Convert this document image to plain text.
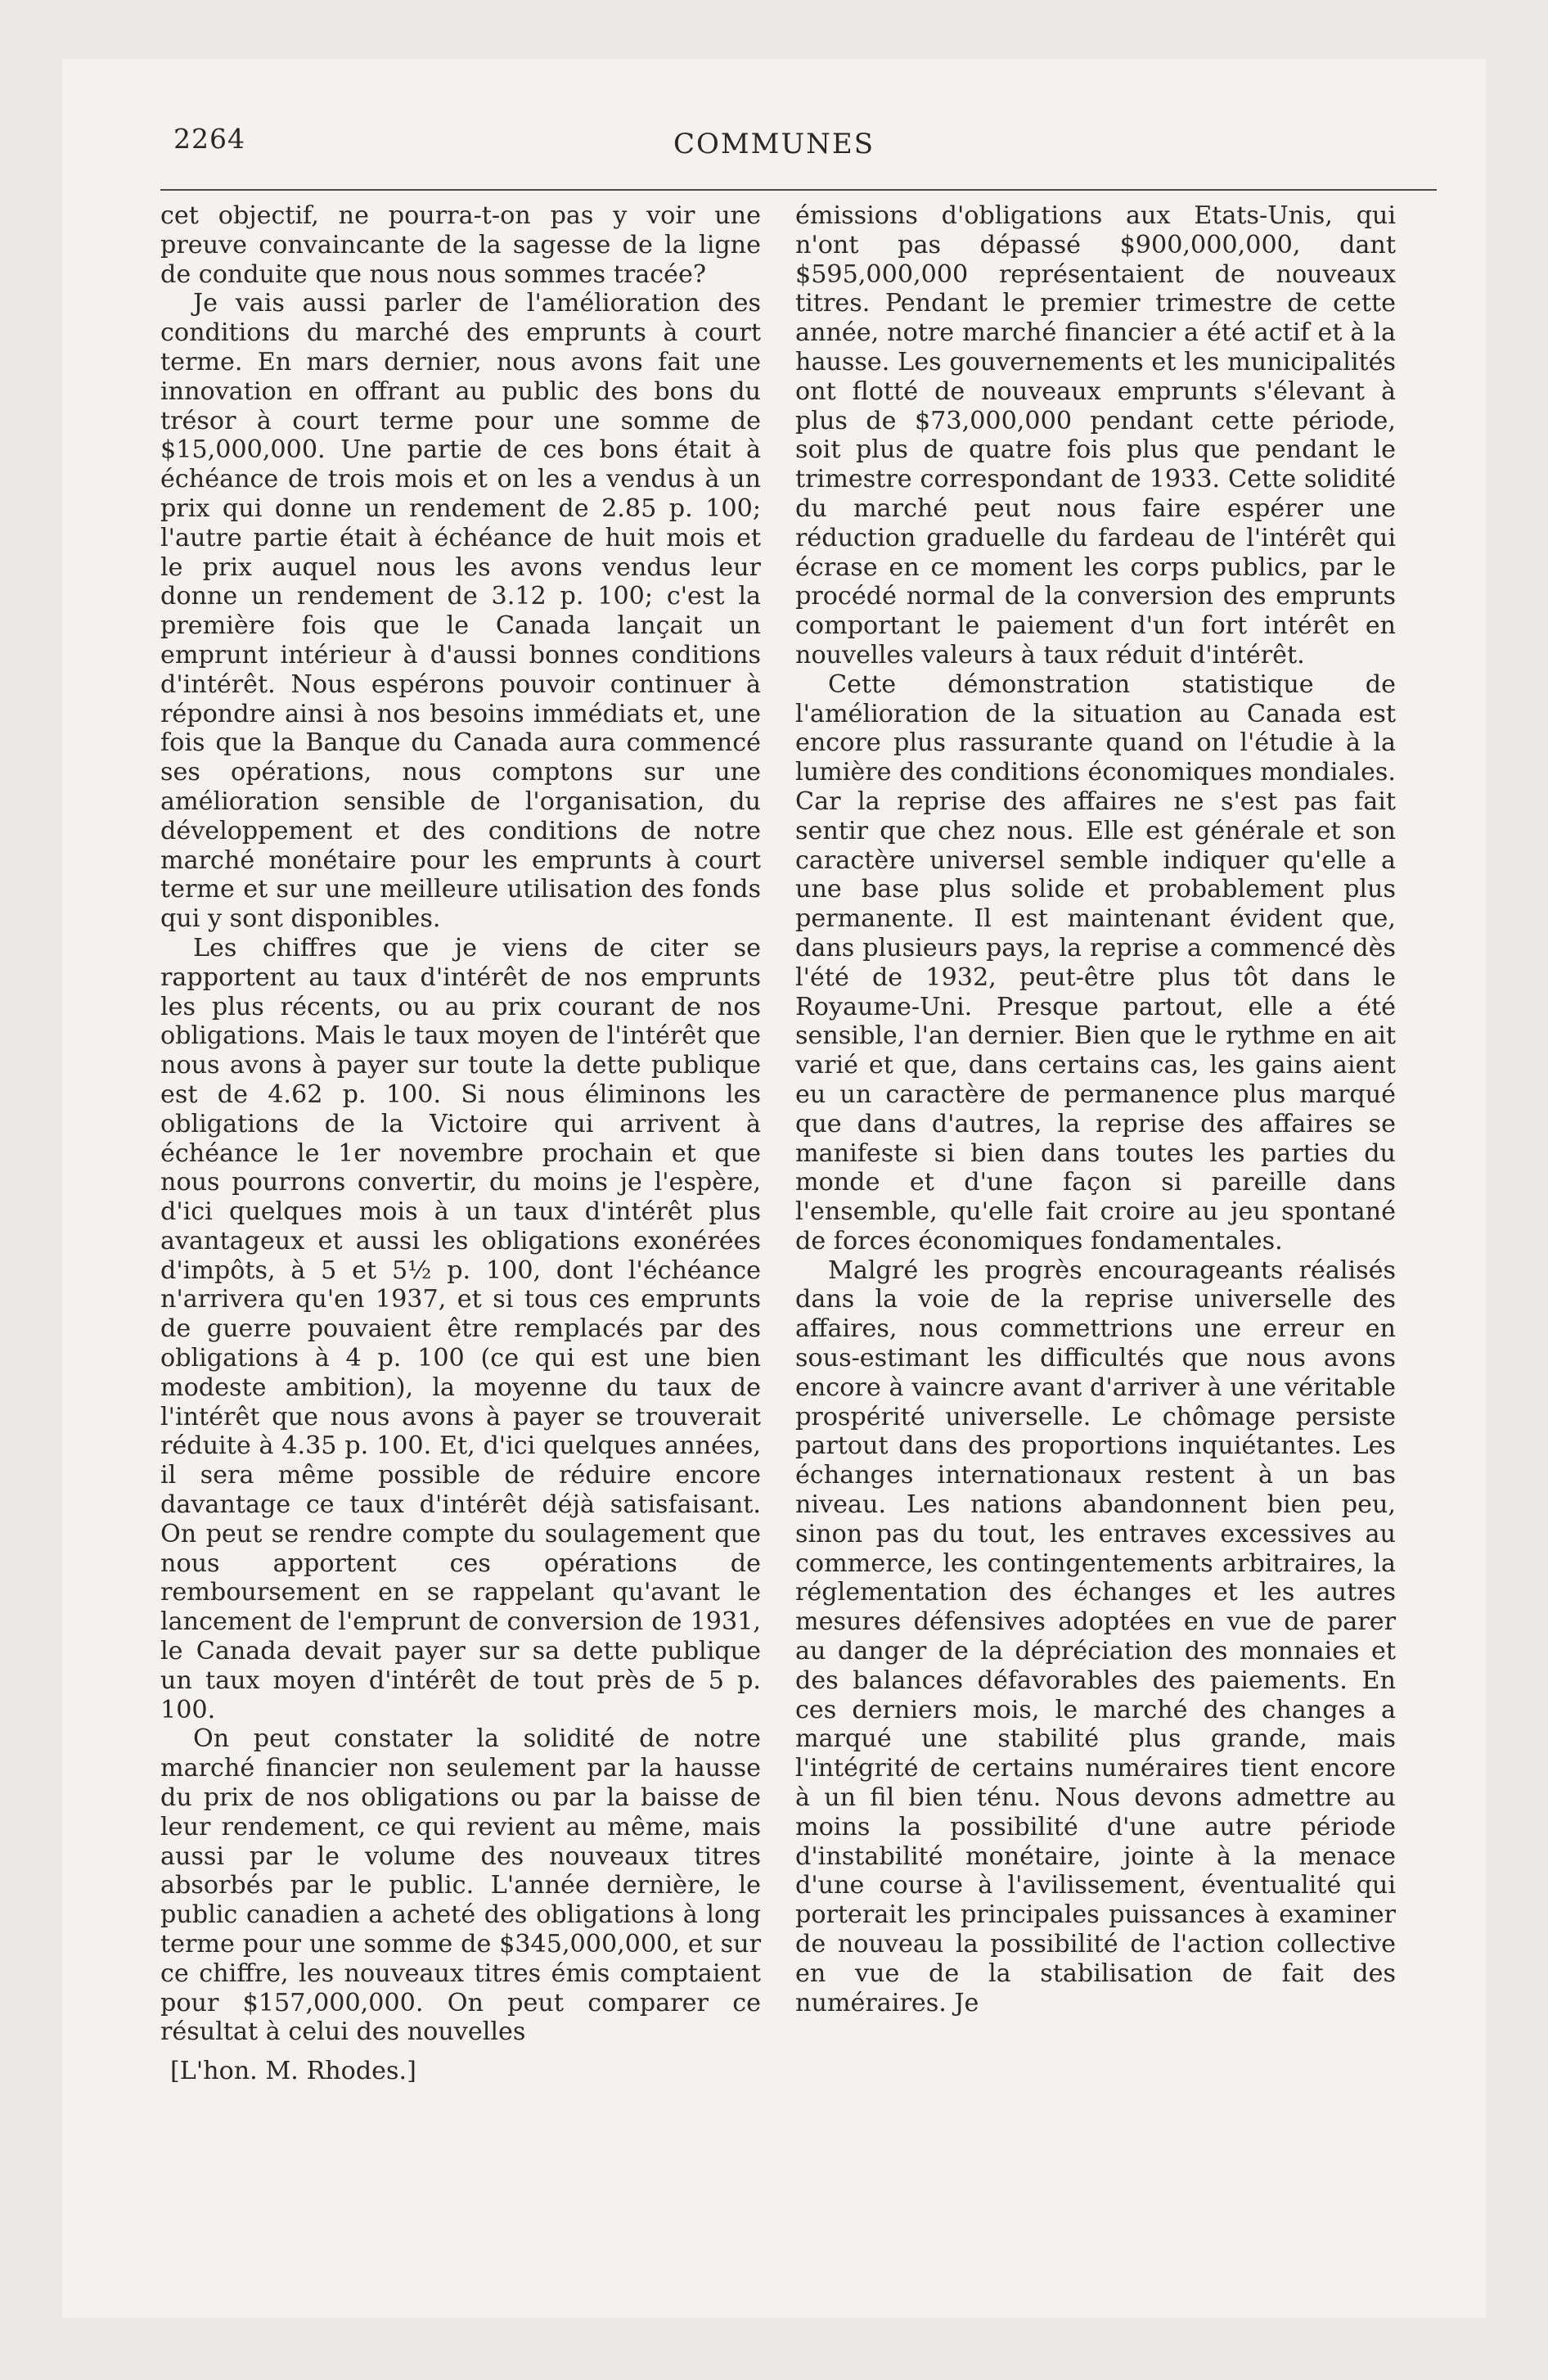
2264	COMMUNES

cet objectif, ne pourra-t-on pas y voir une preuve convaincante de la sagesse de la ligne de conduite que nous nous sommes tracée?

Je vais aussi parler de l'amélioration des conditions du marché des emprunts à court terme. En mars dernier, nous avons fait une innovation en offrant au public des bons du trésor à court terme pour une somme de $15,000,000. Une partie de ces bons était à échéance de trois mois et on les a vendus à un prix qui donne un rendement de 2.85 p. 100; l'autre partie était à échéance de huit mois et le prix auquel nous les avons vendus leur donne un rendement de 3.12 p. 100; c'est la première fois que le Canada lançait un emprunt intérieur à d'aussi bonnes conditions d'intérêt. Nous espérons pouvoir continuer à répondre ainsi à nos besoins immédiats et, une fois que la Banque du Canada aura commencé ses opérations, nous comptons sur une amélioration sensible de l'organisation, du développement et des conditions de notre marché monétaire pour les emprunts à court terme et sur une meilleure utilisation des fonds qui y sont disponibles.

Les chiffres que je viens de citer se rapportent au taux d'intérêt de nos emprunts les plus récents, ou au prix courant de nos obligations. Mais le taux moyen de l'intérêt que nous avons à payer sur toute la dette publique est de 4.62 p. 100. Si nous éliminons les obligations de la Victoire qui arrivent à échéance le 1er novembre prochain et que nous pourrons convertir, du moins je l'espère, d'ici quelques mois à un taux d'intérêt plus avantageux et aussi les obligations exonérées d'impôts, à 5 et 5½ p. 100, dont l'échéance n'arrivera qu'en 1937, et si tous ces emprunts de guerre pouvaient être remplacés par des obligations à 4 p. 100 (ce qui est une bien modeste ambition), la moyenne du taux de l'intérêt que nous avons à payer se trouverait réduite à 4.35 p. 100. Et, d'ici quelques années, il sera même possible de réduire encore davantage ce taux d'intérêt déjà satisfaisant. On peut se rendre compte du soulagement que nous apportent ces opérations de remboursement en se rappelant qu'avant le lancement de l'emprunt de conversion de 1931, le Canada devait payer sur sa dette publique un taux moyen d'intérêt de tout près de 5 p. 100.

On peut constater la solidité de notre marché financier non seulement par la hausse du prix de nos obligations ou par la baisse de leur rendement, ce qui revient au même, mais aussi par le volume des nouveaux titres absorbés par le public. L'année dernière, le public canadien a acheté des obligations à long terme pour une somme de $345,000,000, et sur ce chiffre, les nouveaux titres émis comptaient pour $157,000,000. On peut comparer ce résultat à celui des nouvelles

[L'hon. M. Rhodes.]

émissions d'obligations aux Etats-Unis, qui n'ont pas dépassé $900,000,000, dant $595,000,000 représentaient de nouveaux titres. Pendant le premier trimestre de cette année, notre marché financier a été actif et à la hausse. Les gouvernements et les municipalités ont flotté de nouveaux emprunts s'élevant à plus de $73,000,000 pendant cette période, soit plus de quatre fois plus que pendant le trimestre correspondant de 1933. Cette solidité du marché peut nous faire espérer une réduction graduelle du fardeau de l'intérêt qui écrase en ce moment les corps publics, par le procédé normal de la conversion des emprunts comportant le paiement d'un fort intérêt en nouvelles valeurs à taux réduit d'intérêt.

Cette démonstration statistique de l'amélioration de la situation au Canada est encore plus rassurante quand on l'étudie à la lumière des conditions économiques mondiales. Car la reprise des affaires ne s'est pas fait sentir que chez nous. Elle est générale et son caractère universel semble indiquer qu'elle a une base plus solide et probablement plus permanente. Il est maintenant évident que, dans plusieurs pays, la reprise a commencé dès l'été de 1932, peut-être plus tôt dans le Royaume-Uni. Presque partout, elle a été sensible, l'an dernier. Bien que le rythme en ait varié et que, dans certains cas, les gains aient eu un caractère de permanence plus marqué que dans d'autres, la reprise des affaires se manifeste si bien dans toutes les parties du monde et d'une façon si pareille dans l'ensemble, qu'elle fait croire au jeu spontané de forces économiques fondamentales.

Malgré les progrès encourageants réalisés dans la voie de la reprise universelle des affaires, nous commettrions une erreur en sous-estimant les difficultés que nous avons encore à vaincre avant d'arriver à une véritable prospérité universelle. Le chômage persiste partout dans des proportions inquiétantes. Les échanges internationaux restent à un bas niveau. Les nations abandonnent bien peu, sinon pas du tout, les entraves excessives au commerce, les contingentements arbitraires, la réglementation des échanges et les autres mesures défensives adoptées en vue de parer au danger de la dépréciation des monnaies et des balances défavorables des paiements. En ces derniers mois, le marché des changes a marqué une stabilité plus grande, mais l'intégrité de certains numéraires tient encore à un fil bien ténu. Nous devons admettre au moins la possibilité d'une autre période d'instabilité monétaire, jointe à la menace d'une course à l'avilissement, éventualité qui porterait les principales puissances à examiner de nouveau la possibilité de l'action collective en vue de la stabilisation de fait des numéraires. Je
